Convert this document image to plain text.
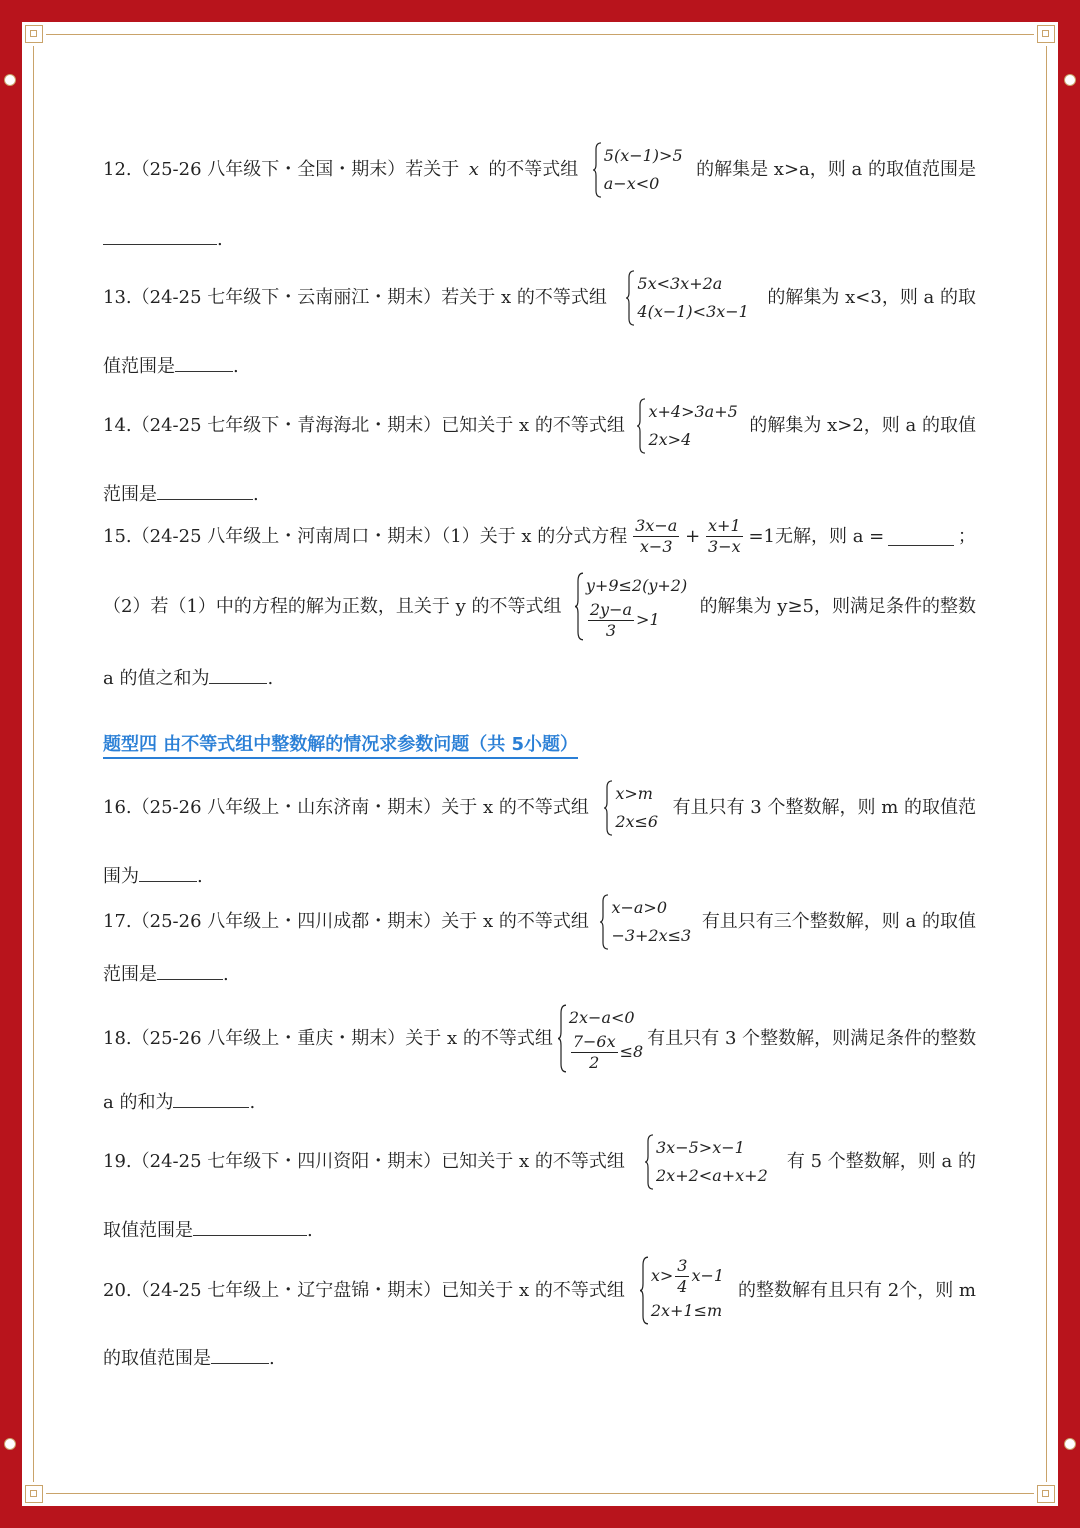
12.（25-26 八年级下・全国・期末）若关于 x 的不等式组
5(x−1)>5
a−x<0
的解集是 x>a，则 a 的取值范围是
.
13.（24-25 七年级下・云南丽江・期末）若关于 x 的不等式组
5x<3x+2a
4(x−1)<3x−1
的解集为 x<3，则 a 的取
值范围是	.
14.（24-25 七年级下・青海海北・期末）已知关于 x 的不等式组
x+4>3a+5
2x>4
的解集为 x>2，则 a 的取值
范围是	.
15.（24-25 八年级上・河南周口・期末）（1）关于 x 的分式方程 $\frac{3x-a}{x-3} + \frac{x+1}{3-x} =1$无解，则 a =	；
（2）若（1）中的方程的解为正数，且关于 y 的不等式组
y+9≤2(y+2)
$\frac{2y-a}{3} >1$
的解集为 y≥5，则满足条件的整数
a 的值之和为	.
题型四 由不等式组中整数解的情况求参数问题（共 5小题）
16.（25-26 八年级上・山东济南・期末）关于 x 的不等式组
x>m
2x≤6
有且只有 3 个整数解，则 m 的取值范
围为	.
17.（25-26 八年级上・四川成都・期末）关于 x 的不等式组
x−a>0
−3+2x≤3
有且只有三个整数解，则 a 的取值
范围是	.
18.（25-26 八年级上・重庆・期末）关于 x 的不等式组
2x−a<0
$\frac{7-6x}{2} \le 8$
有且只有 3 个整数解，则满足条件的整数
a 的和为	.
19.（24-25 七年级下・四川资阳・期末）已知关于 x 的不等式组
3x−5>x−1
2x+2<a+x+2
有 5 个整数解，则 a 的
取值范围是	.
20.（24-25 七年级上・辽宁盘锦・期末）已知关于 x 的不等式组
$x> \frac{3}{4} x-1$
2x+1≤m
的整数解有且只有 2个，则 m
的取值范围是	.
